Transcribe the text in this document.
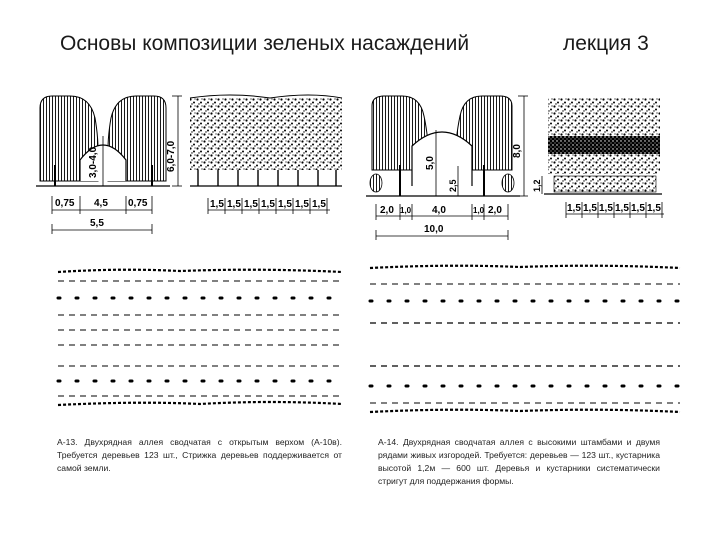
Основы композиции зеленых насаждений	лекция 3
3,0-4,0	6,0-7,0
0,75 4,5 0,75
5,5
1,5 1,5 1,5 1,5 1,5 1,5 1,5
5,0
2,5
8,0
2,0 1,0 4,0	1,0 2,0
10,0
1,2
1,5 1,5 1,5 1,5 1,5 1,5
А-13. Двухрядная аллея сводчатая с открытым верхом (А-10в). Требуется деревьев 123 шт., Стрижка деревьев поддерживается от самой земли.
А-14. Двухрядная сводчатая аллея с высокими штамбами и двумя рядами живых изгородей. Требуется: деревьев — 123 шт., кустарника высотой 1,2м — 600 шт. Деревья и кустарники систематически стригут для поддержания формы.
